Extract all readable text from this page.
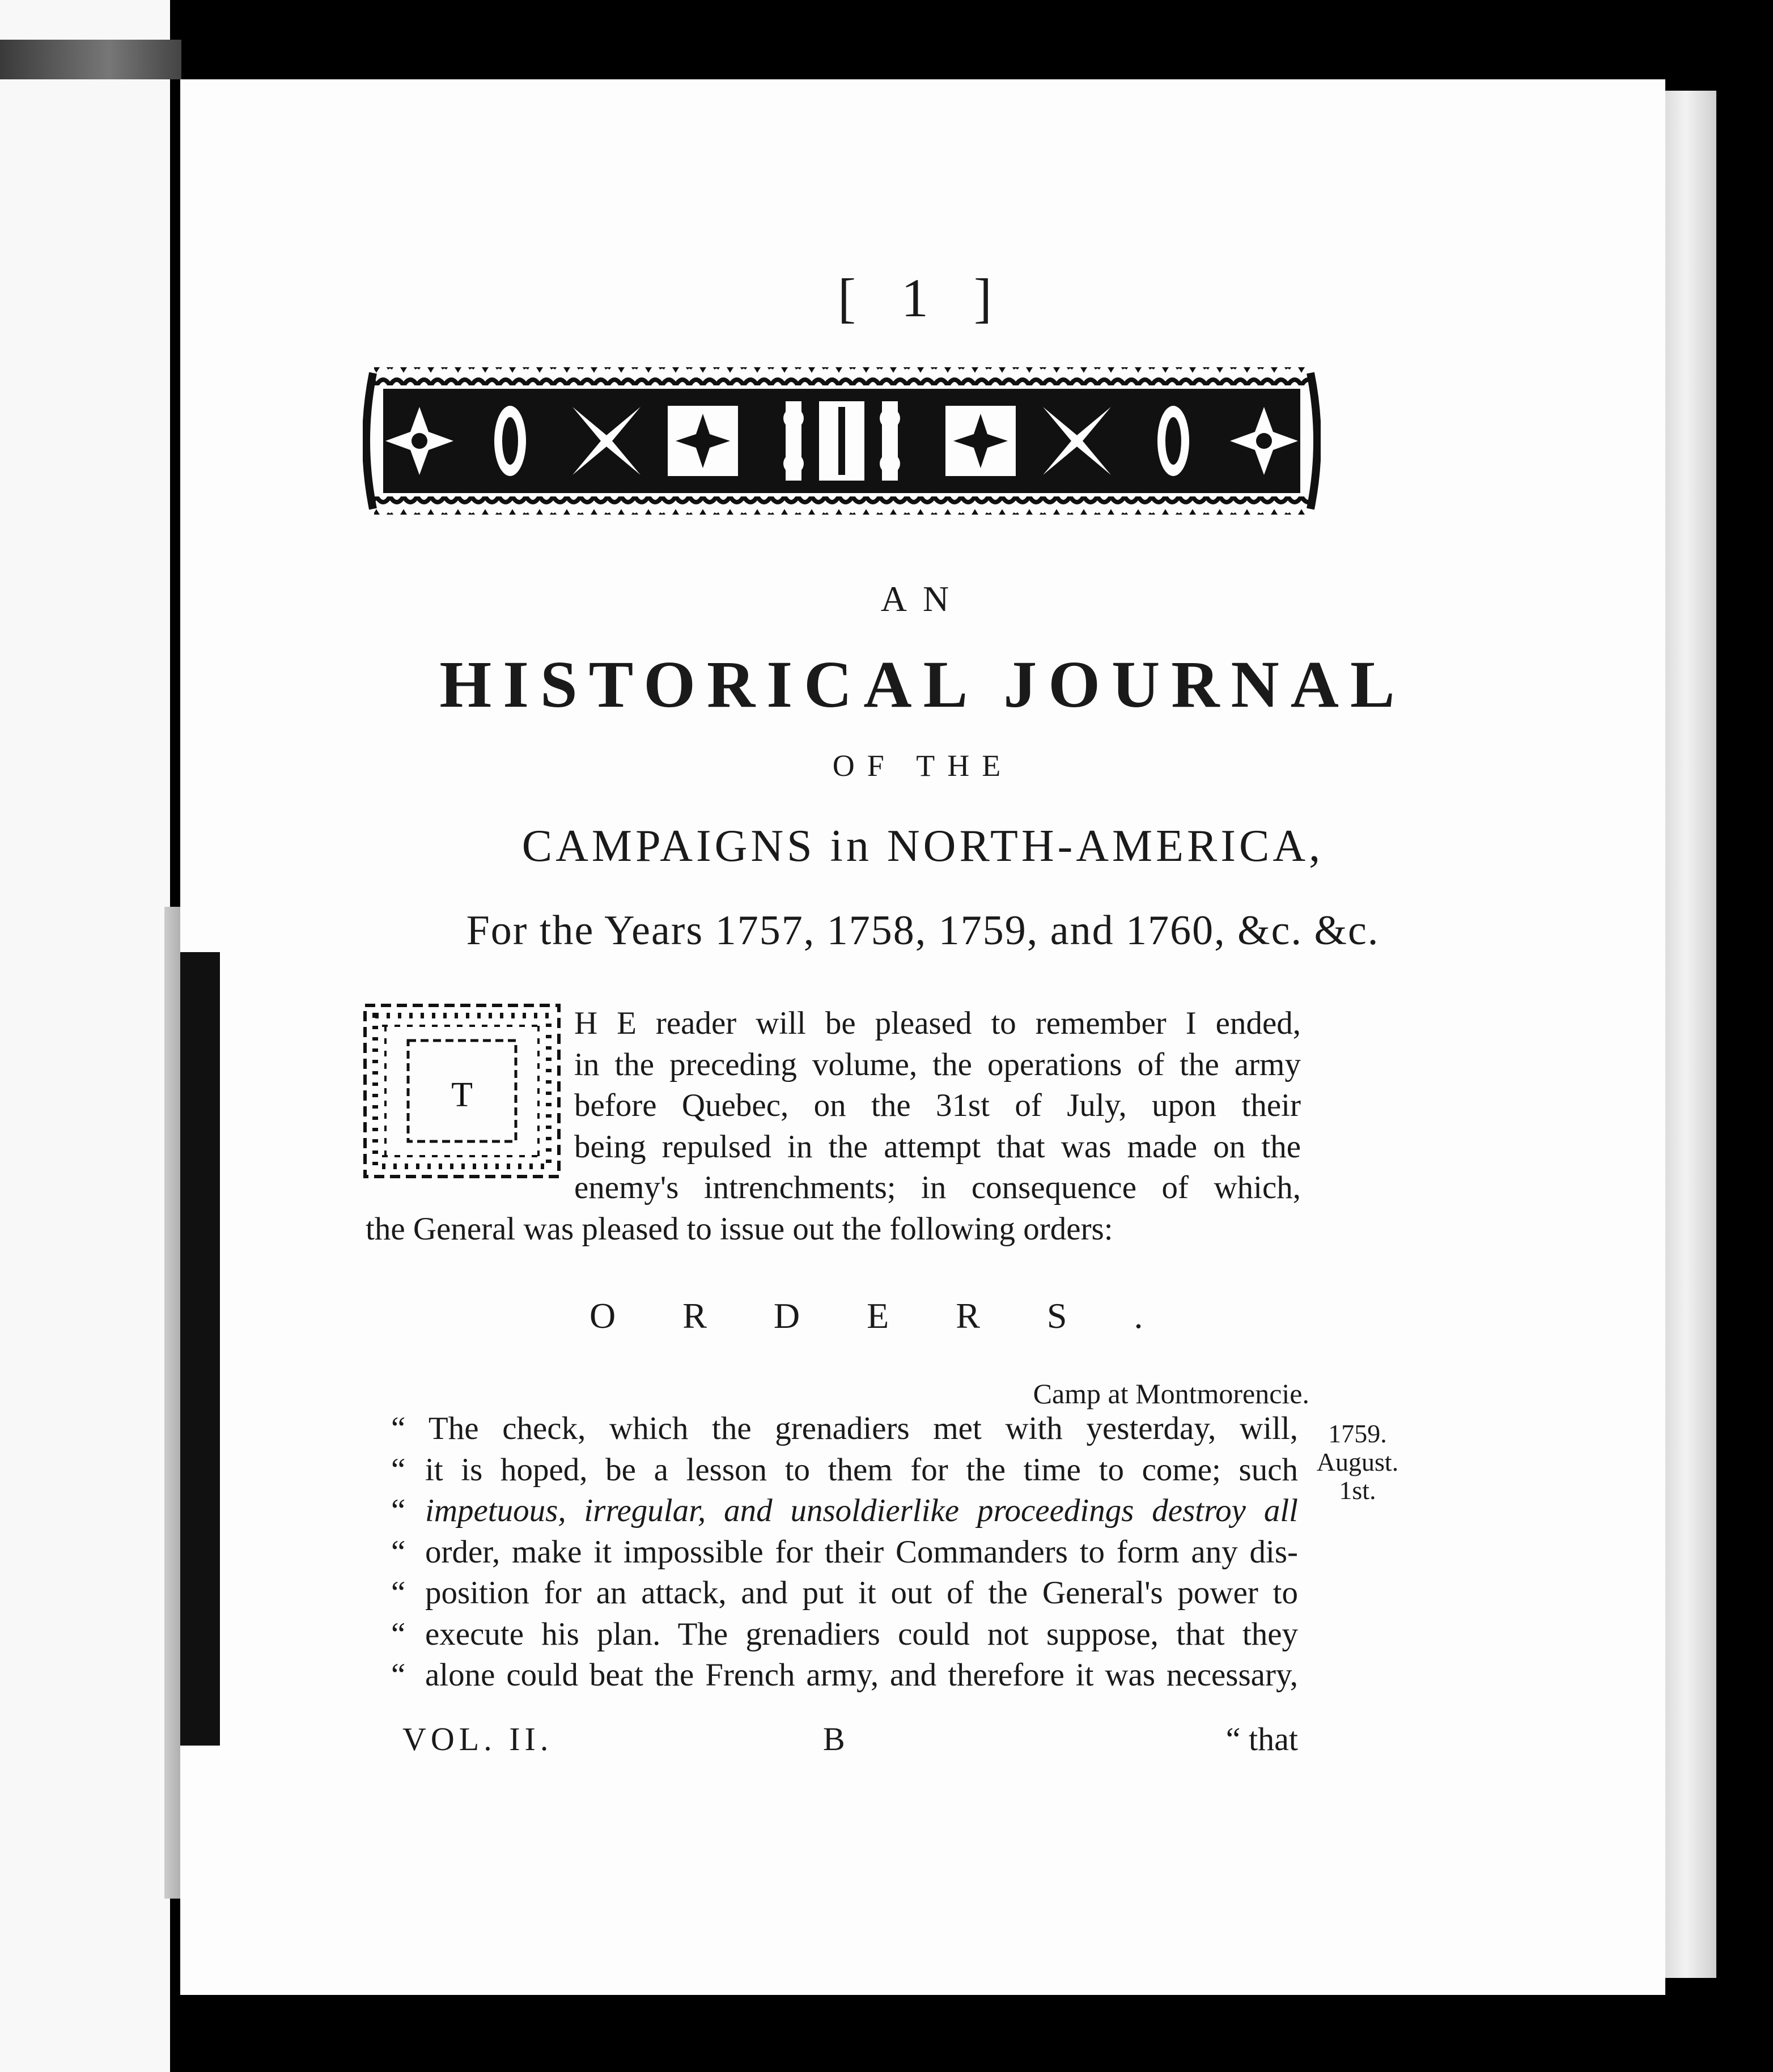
[ 1 ]
AN
HISTORICAL JOURNAL
OF THE
CAMPAIGNS in NORTH-AMERICA,
For the Years 1757, 1758, 1759, and 1760, &c. &c.
T
H E reader will be pleased to remember I ended,
in the preceding volume, the operations of the army
before Quebec, on the 31st of July, upon their
being repulsed in the attempt that was made on the
enemy's intrenchments; in consequence of which,
the General was pleased to issue out the following orders:
ORDERS.
Camp at Montmorencie.
1759.
August.
1st.
“ The check, which the grenadiers met with yesterday, will,
“ it is hoped, be a lesson to them for the time to come; such
“ impetuous, irregular, and unsoldierlike proceedings destroy all
“ order, make it impossible for their Commanders to form any dis-
“ position for an attack, and put it out of the General's power to
“ execute his plan. The grenadiers could not suppose, that they
“ alone could beat the French army, and therefore it was necessary,
VOL. II.	B	“ that
